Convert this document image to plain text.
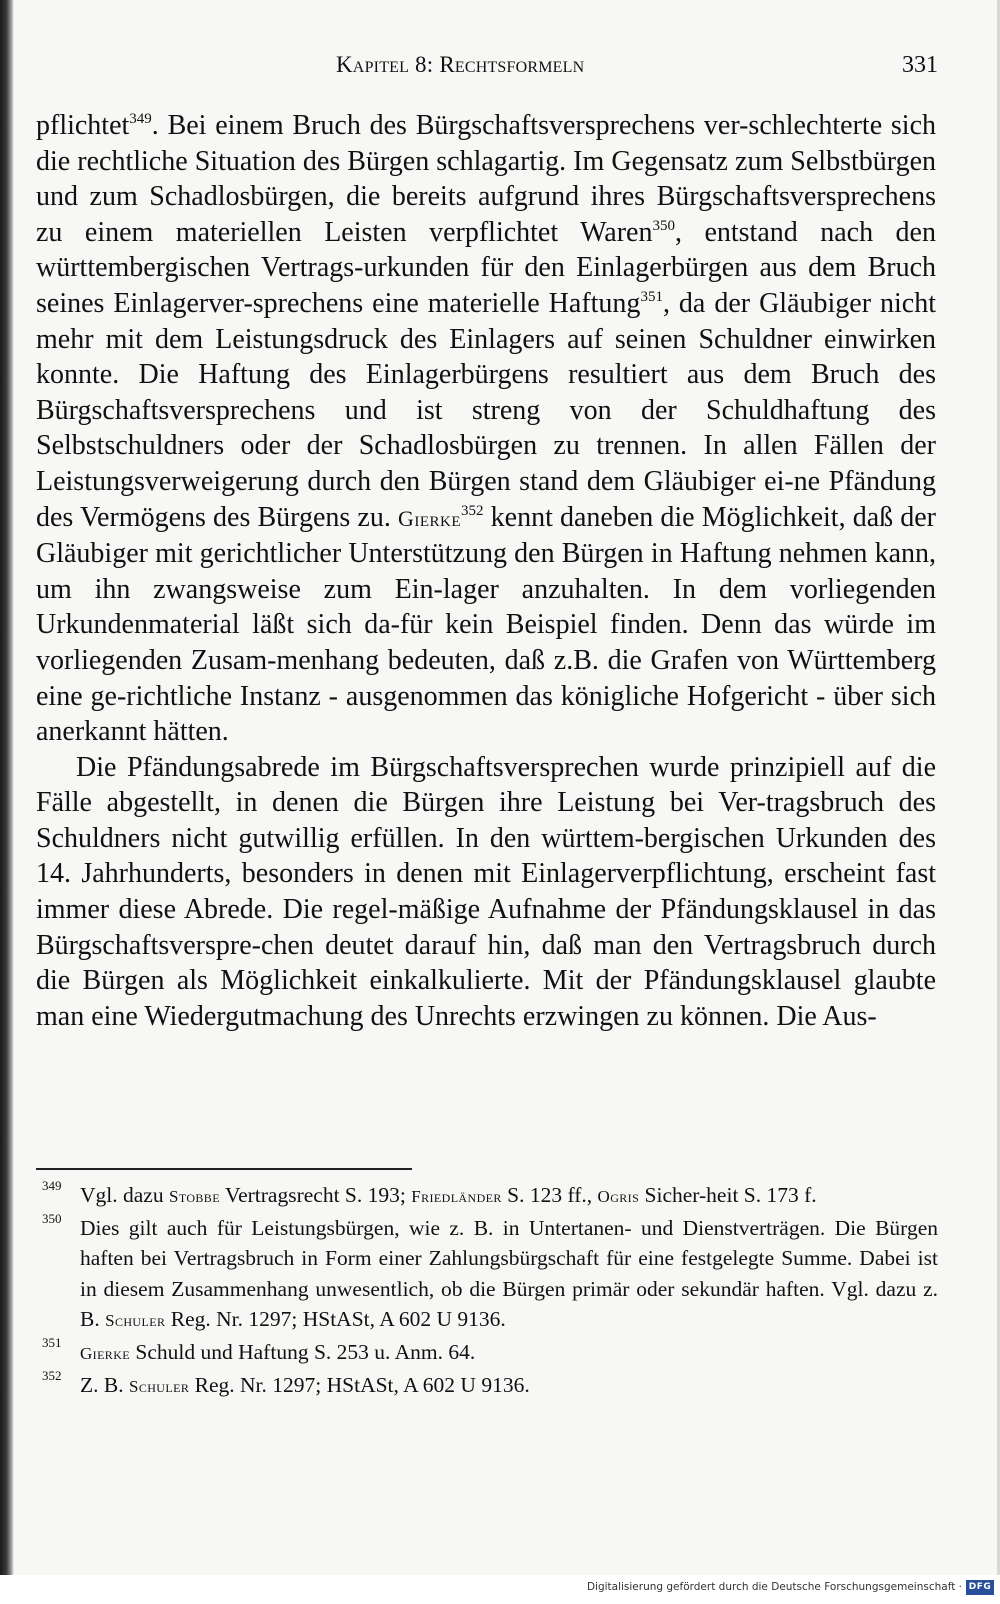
Kapitel 8: Rechtsformeln	331

pflichtet$^{349}$. Bei einem Bruch des Bürgschaftsversprechens ver-schlechterte sich die rechtliche Situation des Bürgen schlagartig. Im Gegensatz zum Selbstbürgen und zum Schadlosbürgen, die bereits aufgrund ihres Bürgschaftsversprechens zu einem materiellen Leisten verpflichtet Waren$^{350}$, entstand nach den württembergischen Vertrags-urkunden für den Einlagerbürgen aus dem Bruch seines Einlagerver-sprechens eine materielle Haftung$^{351}$, da der Gläubiger nicht mehr mit dem Leistungsdruck des Einlagers auf seinen Schuldner einwirken konnte. Die Haftung des Einlagerbürgens resultiert aus dem Bruch des Bürgschaftsversprechens und ist streng von der Schuldhaftung des Selbstschuldners oder der Schadlosbürgen zu trennen. In allen Fällen der Leistungsverweigerung durch den Bürgen stand dem Gläubiger ei-ne Pfändung des Vermögens des Bürgens zu. Gierke$^{352}$ kennt daneben die Möglichkeit, daß der Gläubiger mit gerichtlicher Unterstützung den Bürgen in Haftung nehmen kann, um ihn zwangsweise zum Ein-lager anzuhalten. In dem vorliegenden Urkundenmaterial läßt sich da-für kein Beispiel finden. Denn das würde im vorliegenden Zusam-menhang bedeuten, daß z.B. die Grafen von Württemberg eine ge-richtliche Instanz - ausgenommen das königliche Hofgericht - über sich anerkannt hätten.

Die Pfändungsabrede im Bürgschaftsversprechen wurde prinzipiell auf die Fälle abgestellt, in denen die Bürgen ihre Leistung bei Ver-tragsbruch des Schuldners nicht gutwillig erfüllen. In den württem-bergischen Urkunden des 14. Jahrhunderts, besonders in denen mit Einlagerverpflichtung, erscheint fast immer diese Abrede. Die regel-mäßige Aufnahme der Pfändungsklausel in das Bürgschaftsverspre-chen deutet darauf hin, daß man den Vertragsbruch durch die Bürgen als Möglichkeit einkalkulierte. Mit der Pfändungsklausel glaubte man eine Wiedergutmachung des Unrechts erzwingen zu können. Die Aus-

349 Vgl. dazu Stobbe Vertragsrecht S. 193; Friedländer S. 123 ff., Ogris Sicher-heit S. 173 f.

350 Dies gilt auch für Leistungsbürgen, wie z. B. in Untertanen- und Dienstverträgen. Die Bürgen haften bei Vertragsbruch in Form einer Zahlungsbürgschaft für eine festgelegte Summe. Dabei ist in diesem Zusammenhang unwesentlich, ob die Bürgen primär oder sekundär haften. Vgl. dazu z. B. Schuler Reg. Nr. 1297; HStASt, A 602 U 9136.

351
Gierke Schuld und Haftung S. 253 u. Anm. 64.

352 Z. B. Schuler Reg. Nr. 1297; HStASt, A 602 U 9136.

Digitalisierung gefördert durch die Deutsche Forschungsgemeinschaft · DFG
